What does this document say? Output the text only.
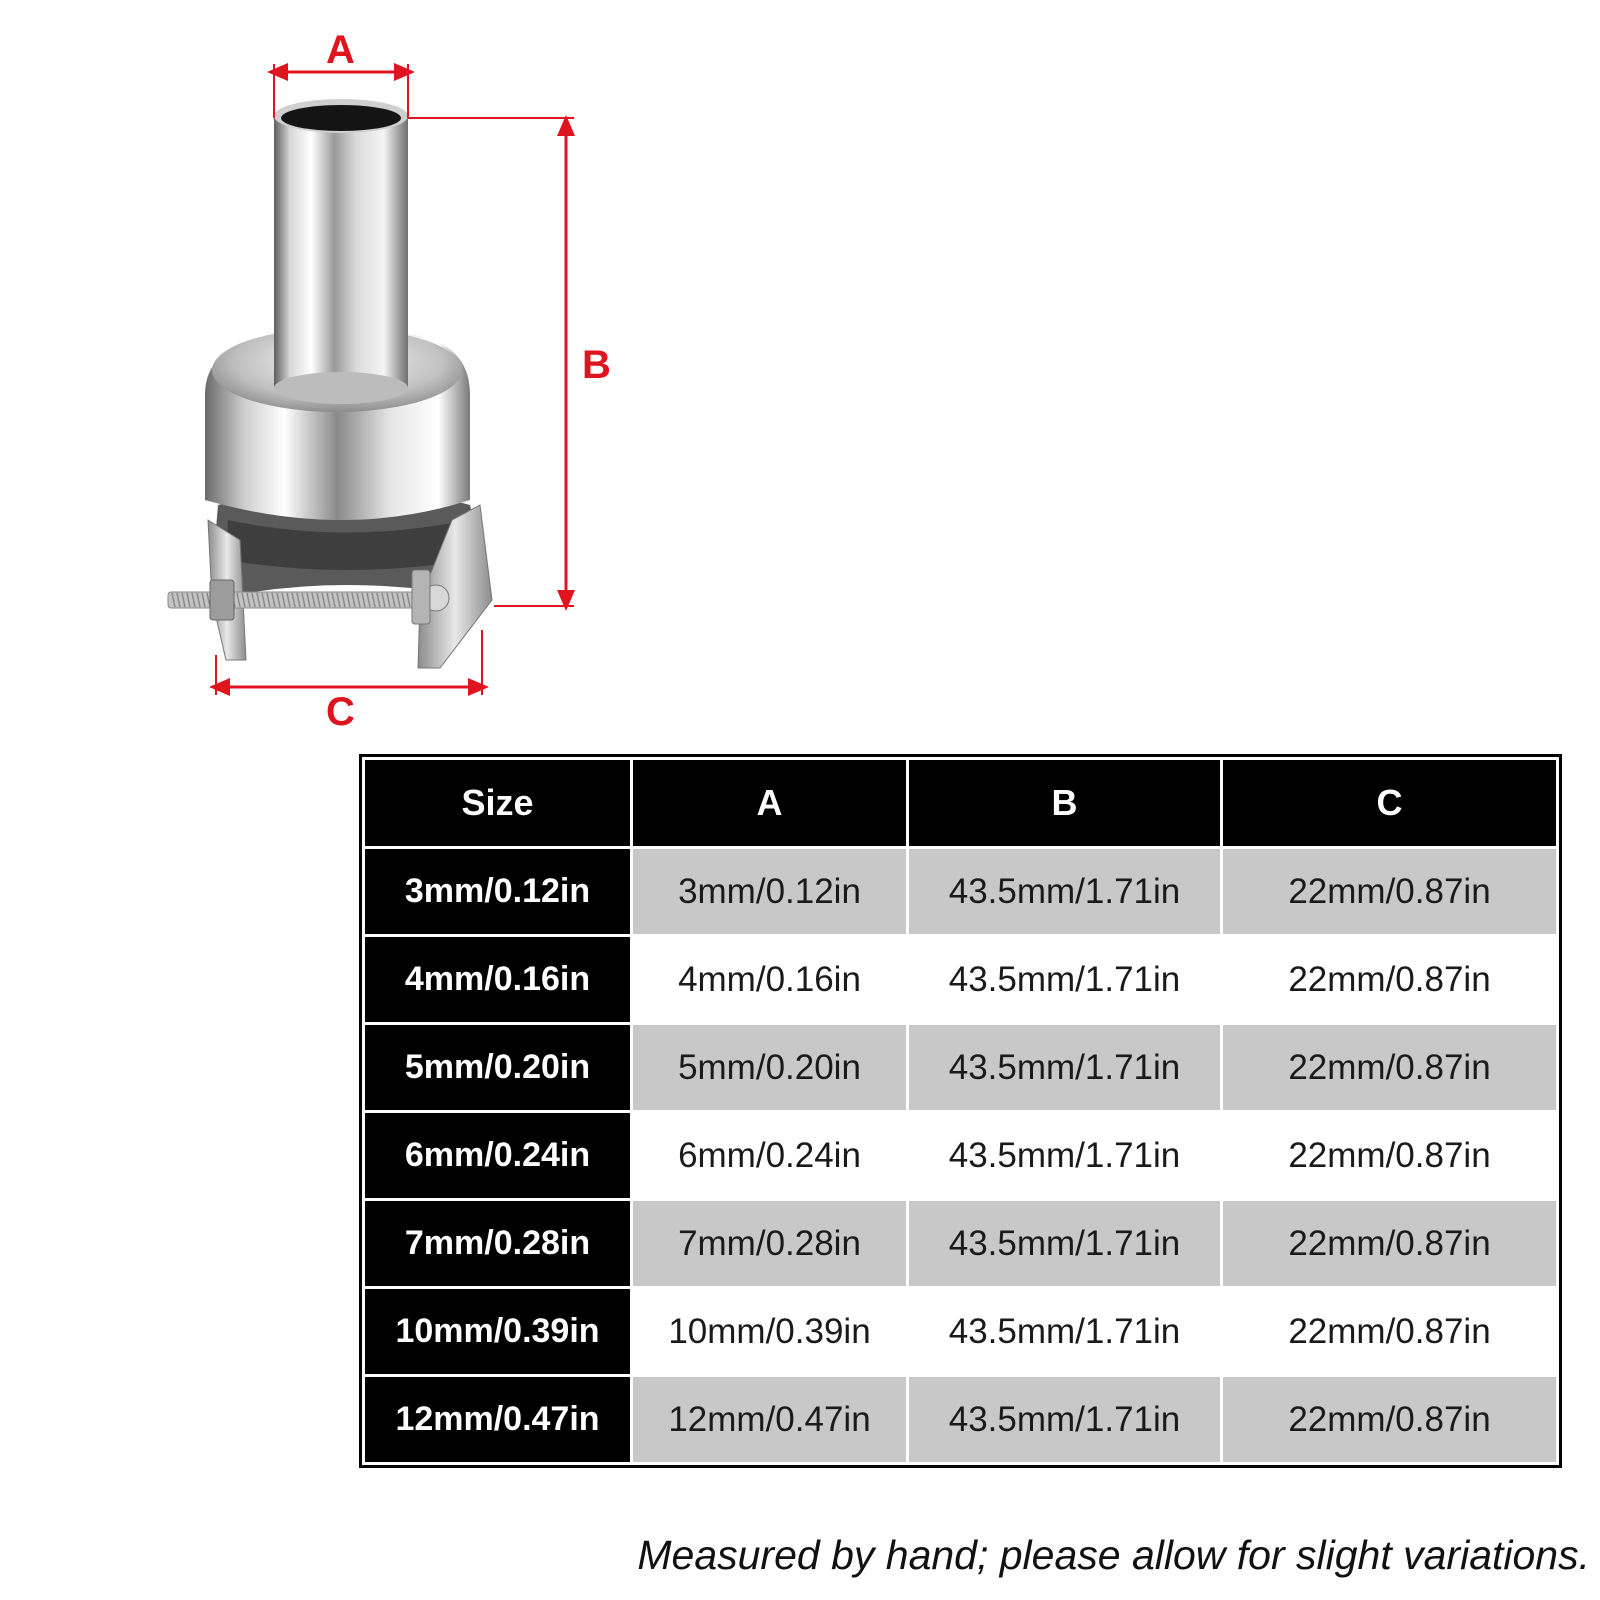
A
B
C
Size	A	B	C
3mm/0.12in	3mm/0.12in	43.5mm/1.71in	22mm/0.87in
4mm/0.16in	4mm/0.16in	43.5mm/1.71in	22mm/0.87in
5mm/0.20in	5mm/0.20in	43.5mm/1.71in	22mm/0.87in
6mm/0.24in	6mm/0.24in	43.5mm/1.71in	22mm/0.87in
7mm/0.28in	7mm/0.28in	43.5mm/1.71in	22mm/0.87in
10mm/0.39in	10mm/0.39in	43.5mm/1.71in	22mm/0.87in
12mm/0.47in	12mm/0.47in	43.5mm/1.71in	22mm/0.87in
Measured by hand; please allow for slight variations.
